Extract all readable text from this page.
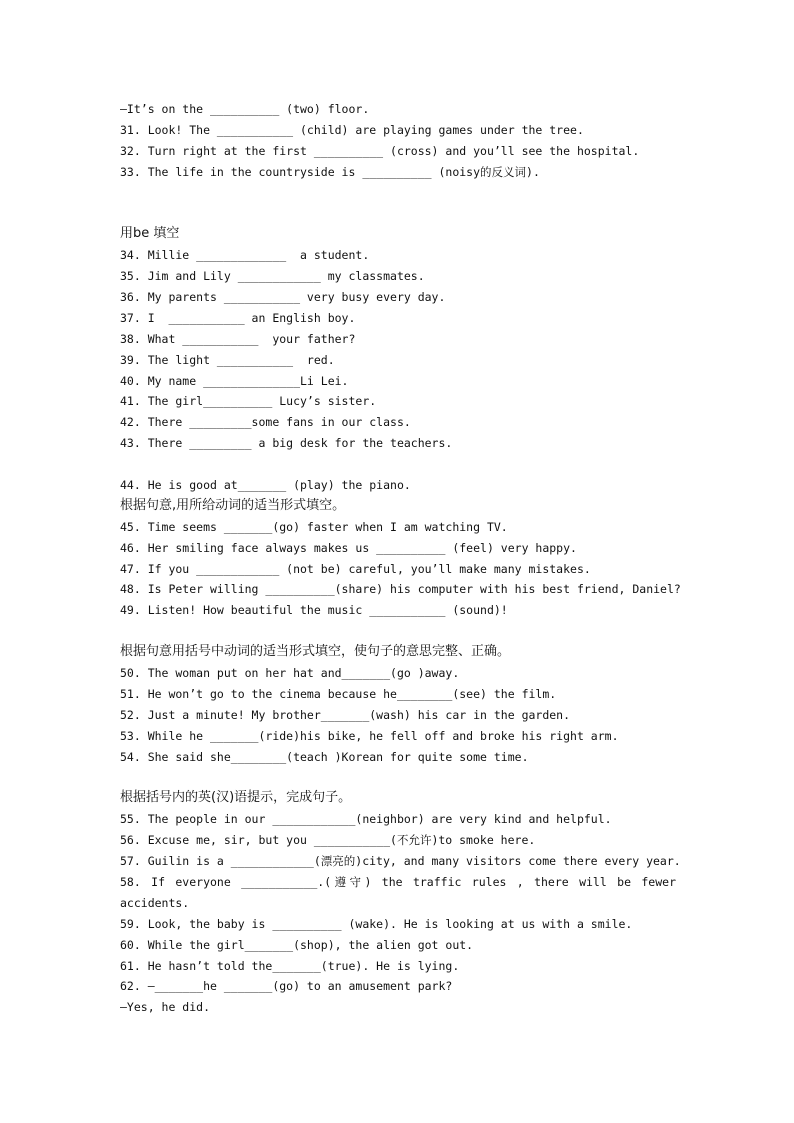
—It’s on the __________ (two) floor.
31. Look! The ___________ (child) are playing games under the tree.
32. Turn right at the first __________ (cross) and you’ll see the hospital.
33. The life in the countryside is __________ (noisy的反义词).
用be 填空
34. Millie _____________  a student.
35. Jim and Lily ____________ my classmates.
36. My parents ___________ very busy every day.
37. I  ___________ an English boy.
38. What ___________  your father?
39. The light ___________  red.
40. My name ______________Li Lei.
41. The girl__________ Lucy’s sister.
42. There _________some fans in our class.
43. There _________ a big desk for the teachers.
44. He is good at_______ (play) the piano.
根据句意,用所给动词的适当形式填空。
45. Time seems _______(go) faster when I am watching TV.
46. Her smiling face always makes us __________ (feel) very happy.
47. If you ____________ (not be) careful, you’ll make many mistakes.
48. Is Peter willing __________(share) his computer with his best friend, Daniel?
49. Listen! How beautiful the music ___________ (sound)!
根据句意用括号中动词的适当形式填空，使句子的意思完整、正确。
50. The woman put on her hat and_______(go )away.
51. He won’t go to the cinema because he________(see) the film.
52. Just a minute! My brother_______(wash) his car in the garden.
53. While he _______(ride)his bike, he fell off and broke his right arm.
54. She said she________(teach )Korean for quite some time.
根据括号内的英(汉)语提示，完成句子。
55. The people in our ____________(neighbor) are very kind and helpful.
56. Excuse me, sir, but you ___________(不允许)to smoke here.
57. Guilin is a ____________(漂亮的)city, and many visitors come there every year.
58. If everyone ___________.(遵守) the traffic rules , there will be fewer
accidents.
59. Look, the baby is __________ (wake). He is looking at us with a smile.
60. While the girl_______(shop), the alien got out.
61. He hasn’t told the_______(true). He is lying.
62. —_______he _______(go) to an amusement park?
—Yes, he did.
